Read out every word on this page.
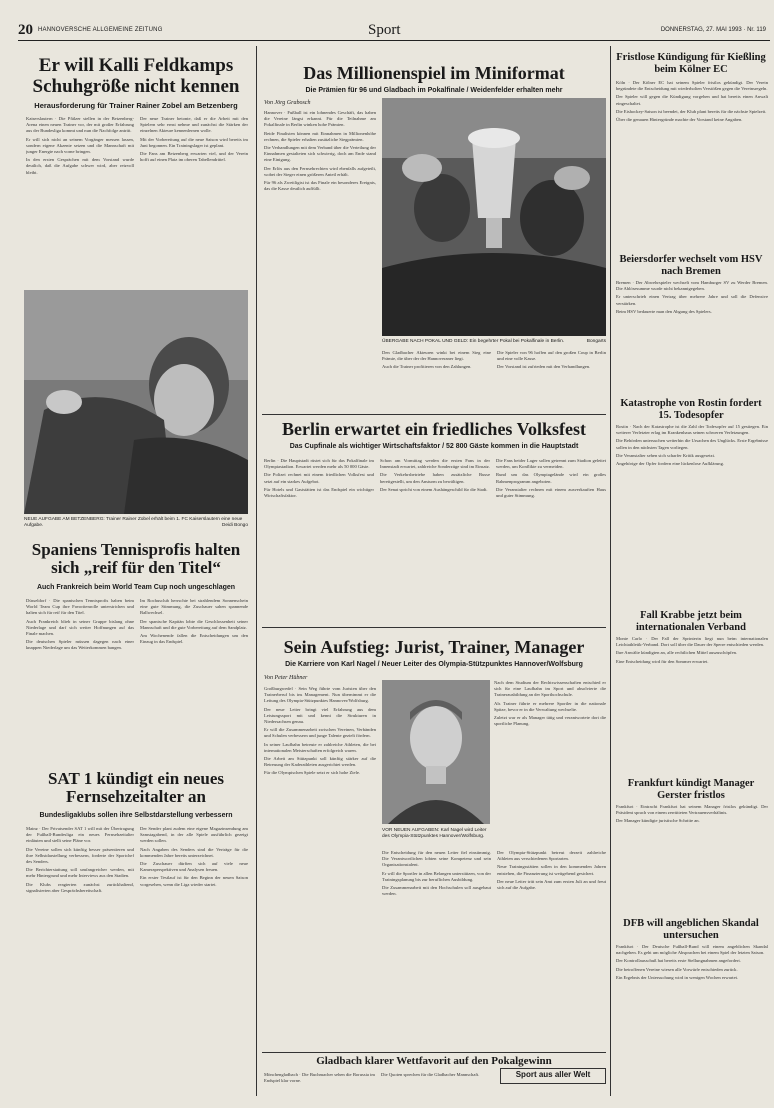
20 HANNOVERSCHE ALLGEMEINE ZEITUNG	Sport	DONNERSTAG, 27. MAI 1993 · Nr. 119
Er will Kalli Feldkamps Schuhgröße nicht kennen
Herausforderung für Trainer Rainer Zobel am Betzenberg

Kaiserslautern · Die Pfälzer stellen in der Betzenberg-Arena einen neuen Trainer vor, der mit großer Erfahrung aus der Bundesliga kommt und nun die Nachfolge antritt.

Er will sich nicht an seinem Vorgänger messen lassen, sondern eigene Akzente setzen und die Mannschaft mit junger Energie nach vorne bringen.

In den ersten Gesprächen mit dem Vorstand wurde deutlich, daß die Aufgabe schwer wird, aber reizvoll bleibt.

Der neue Trainer betonte, daß er die Arbeit mit den Spielern sehr ernst nehme und zunächst die Stärken der einzelnen Akteure kennenlernen wolle.

Mit der Vorbereitung auf die neue Saison wird bereits im Juni begonnen. Ein Trainingslager ist geplant.

Die Fans am Betzenberg erwarten viel, und der Verein hofft auf einen Platz im oberen Tabellendrittel.

NEUE AUFGABE AM BETZENBERG: Trainer Rainer Zobel erhält beim 1. FC Kaiserslautern eine neue Aufgabe.	Deidi Bongo
Spaniens Tennisprofis halten sich „reif für den Titel“
Auch Frankreich beim World Team Cup noch ungeschlagen

Düsseldorf · Die spanischen Tennisprofis haben beim World Team Cup ihre Favoritenrolle unterstrichen und halten sich für reif für den Titel.

Auch Frankreich blieb in seiner Gruppe bislang ohne Niederlage und darf sich weiter Hoffnungen auf das Finale machen.

Die deutschen Spieler müssen dagegen nach einer knappen Niederlage um das Weiterkommen bangen.

Im Rochusclub herrschte bei strahlendem Sonnenschein eine gute Stimmung, die Zuschauer sahen spannende Ballwechsel.

Der spanische Kapitän lobte die Geschlossenheit seiner Mannschaft und die gute Vorbereitung auf dem Sandplatz.

Am Wochenende fallen die Entscheidungen um den Einzug in das Endspiel.

SAT 1 kündigt ein neues Fernsehzeitalter an
Bundesligaklubs sollen ihre Selbstdarstellung verbessern

Mainz · Der Privatsender SAT 1 will mit der Übertragung der Fußball-Bundesliga ein neues Fernsehzeitalter einläuten und stellt seine Pläne vor.

Die Vereine sollen sich künftig besser präsentieren und ihre Selbstdarstellung verbessern, forderte der Sportchef des Senders.

Die Berichterstattung soll umfangreicher werden, mit mehr Hintergrund und mehr Interviews aus den Stadien.

Die Klubs reagierten zunächst zurückhaltend, signalisierten aber Gesprächsbereitschaft.

Der Sender plant zudem eine eigene Magazinsendung am Samstagabend, in der alle Spiele ausführlich gezeigt werden sollen.

Nach Angaben des Senders sind die Verträge für die kommenden Jahre bereits unterzeichnet.

Die Zuschauer dürften sich auf viele neue Kameraperspektiven und Analysen freuen.

Ein erster Testlauf ist für den Beginn der neuen Saison vorgesehen, wenn die Liga wieder startet.

Das Millionenspiel im Miniformat
Die Prämien für 96 und Gladbach im Pokalfinale / Weidenfelder erhalten mehr
Von Jörg Grabosch

Hannover · Fußball ist ein lohnendes Geschäft, das haben die Vereine längst erkannt. Für die Teilnahme am Pokalfinale in Berlin winken hohe Prämien.

Beide Finalisten können mit Einnahmen in Millionenhöhe rechnen, die Spieler erhalten zusätzliche Siegprämien.

Die Verhandlungen mit dem Verband über die Verteilung der Einnahmen gestalteten sich schwierig, doch am Ende stand eine Einigung.

Der Erlös aus den Fernsehrechten wird ebenfalls aufgeteilt, wobei der Sieger einen größeren Anteil erhält.

Für 96 als Zweitligist ist das Finale ein besonderes Ereignis, das die Kasse deutlich auffüllt.

ÜBERGABE NACH POKAL UND GELD: Ein begehrter Pokal bei Pokalfinale in Berlin.	Bongarts

Den Gladbacher Akteuren winkt bei einem Sieg eine Prämie, die über der der Hannoveraner liegt.

Auch die Trainer profitieren von den Zahlungen.

Die Spieler von 96 hoffen auf den großen Coup in Berlin und eine volle Kasse.

Der Vorstand ist zufrieden mit den Verhandlungen.

Berlin erwartet ein friedliches Volksfest
Das Cupfinale als wichtiger Wirtschaftsfaktor / 52 800 Gäste kommen in die Hauptstadt

Berlin · Die Hauptstadt rüstet sich für das Pokalfinale im Olympiastadion. Erwartet werden mehr als 50 000 Gäste.

Die Polizei rechnet mit einem friedlichen Volksfest und setzt auf ein starkes Aufgebot.

Für Hotels und Gaststätten ist das Endspiel ein wichtiger Wirtschaftsfaktor.

Schon am Vormittag werden die ersten Fans in der Innenstadt erwartet, zahlreiche Sonderzüge sind im Einsatz.

Die Verkehrsbetriebe haben zusätzliche Busse bereitgestellt, um den Ansturm zu bewältigen.

Der Senat spricht von einem Aushängeschild für die Stadt.

Die Fans beider Lager sollen getrennt zum Stadion geleitet werden, um Konflikte zu vermeiden.

Rund um das Olympiagelände wird ein großes Rahmenprogramm angeboten.

Die Veranstalter rechnen mit einem ausverkauften Haus und guter Stimmung.

Sein Aufstieg: Jurist, Trainer, Manager
Die Karriere von Karl Nagel / Neuer Leiter des Olympia-Stützpunktes Hannover/Wolfsburg
Von Peter Hübner

Großburgwedel · Sein Weg führte vom Juristen über den Trainerberuf bis ins Management. Nun übernimmt er die Leitung des Olympia-Stützpunktes Hannover/Wolfsburg.

Der neue Leiter bringt viel Erfahrung aus dem Leistungssport mit und kennt die Strukturen in Niedersachsen genau.

Er will die Zusammenarbeit zwischen Vereinen, Verbänden und Schulen verbessern und junge Talente gezielt fördern.

In seiner Laufbahn betreute er zahlreiche Athleten, die bei internationalen Meisterschaften erfolgreich waren.

Die Arbeit am Stützpunkt soll künftig stärker auf die Betreuung der Kaderathleten ausgerichtet werden.

Für die Olympischen Spiele setzt er sich hohe Ziele.

VOR NEUEN AUFGABEN: Karl Nagel wird Leiter des Olympia-Stützpunktes Hannover/Wolfsburg.

Nach dem Studium der Rechtswissenschaften entschied er sich für eine Laufbahn im Sport und absolvierte die Trainerausbildung an der Sporthochschule.

Als Trainer führte er mehrere Sportler in die nationale Spitze, bevor er in die Verwaltung wechselte.

Zuletzt war er als Manager tätig und verantwortete dort die sportliche Planung.

Die Entscheidung für den neuen Leiter fiel einstimmig. Die Verantwortlichen lobten seine Kompetenz und sein Organisationstalent.

Er will die Sportler in allen Belangen unterstützen, von der Trainingsplanung bis zur beruflichen Ausbildung.

Die Zusammenarbeit mit den Hochschulen soll ausgebaut werden.

Der Olympia-Stützpunkt betreut derzeit zahlreiche Athleten aus verschiedenen Sportarten.

Neue Trainingsstätten sollen in den kommenden Jahren entstehen, die Finanzierung ist weitgehend gesichert.

Der neue Leiter tritt sein Amt zum ersten Juli an und freut sich auf die Aufgabe.

Gladbach klarer Wettfavorit auf den Pokalgewinn

Mönchengladbach · Die Buchmacher sehen die Borussia im Endspiel klar vorne.

Die Quoten sprechen für die Gladbacher Mannschaft.	Sport aus aller Welt
Fristlose Kündigung für Kießling beim Kölner EC

Köln · Der Kölner EC hat seinem Spieler fristlos gekündigt. Der Verein begründete die Entscheidung mit wiederholten Verstößen gegen die Vereinsregeln.

Der Spieler will gegen die Kündigung vorgehen und hat bereits einen Anwalt eingeschaltet.

Die Eishockey-Saison ist beendet, der Klub plant bereits für die nächste Spielzeit.

Über die genauen Hintergründe machte der Vorstand keine Angaben.

Beiersdorfer wechselt vom HSV nach Bremen

Bremen · Der Abwehrspieler wechselt vom Hamburger SV zu Werder Bremen. Die Ablösesumme wurde nicht bekanntgegeben.

Er unterschrieb einen Vertrag über mehrere Jahre und soll die Defensive verstärken.

Beim HSV bedauerte man den Abgang des Spielers.

Katastrophe von Rostin fordert 15. Todesopfer

Rostin · Nach der Katastrophe ist die Zahl der Todesopfer auf 15 gestiegen. Ein weiterer Verletzter erlag im Krankenhaus seinen schweren Verletzungen.

Die Behörden untersuchen weiterhin die Ursachen des Unglücks. Erste Ergebnisse sollen in den nächsten Tagen vorliegen.

Die Veranstalter sehen sich scharfer Kritik ausgesetzt.

Angehörige der Opfer fordern eine lückenlose Aufklärung.

Fall Krabbe jetzt beim internationalen Verband

Monte Carlo · Der Fall der Sprinterin liegt nun beim internationalen Leichtathletik-Verband. Dort soll über die Dauer der Sperre entschieden werden.

Ihre Anwälte kündigten an, alle rechtlichen Mittel auszuschöpfen.

Eine Entscheidung wird für den Sommer erwartet.

Frankfurt kündigt Manager Gerster fristlos

Frankfurt · Eintracht Frankfurt hat seinem Manager fristlos gekündigt. Der Präsident sprach von einem zerrütteten Vertrauensverhältnis.

Der Manager kündigte juristische Schritte an.

DFB will angeblichen Skandal untersuchen

Frankfurt · Der Deutsche Fußball-Bund will einem angeblichen Skandal nachgehen. Es geht um mögliche Absprachen bei einem Spiel der letzten Saison.

Der Kontrollausschuß hat bereits erste Stellungnahmen angefordert.

Die betroffenen Vereine wiesen alle Vorwürfe entschieden zurück.

Ein Ergebnis der Untersuchung wird in wenigen Wochen erwartet.
